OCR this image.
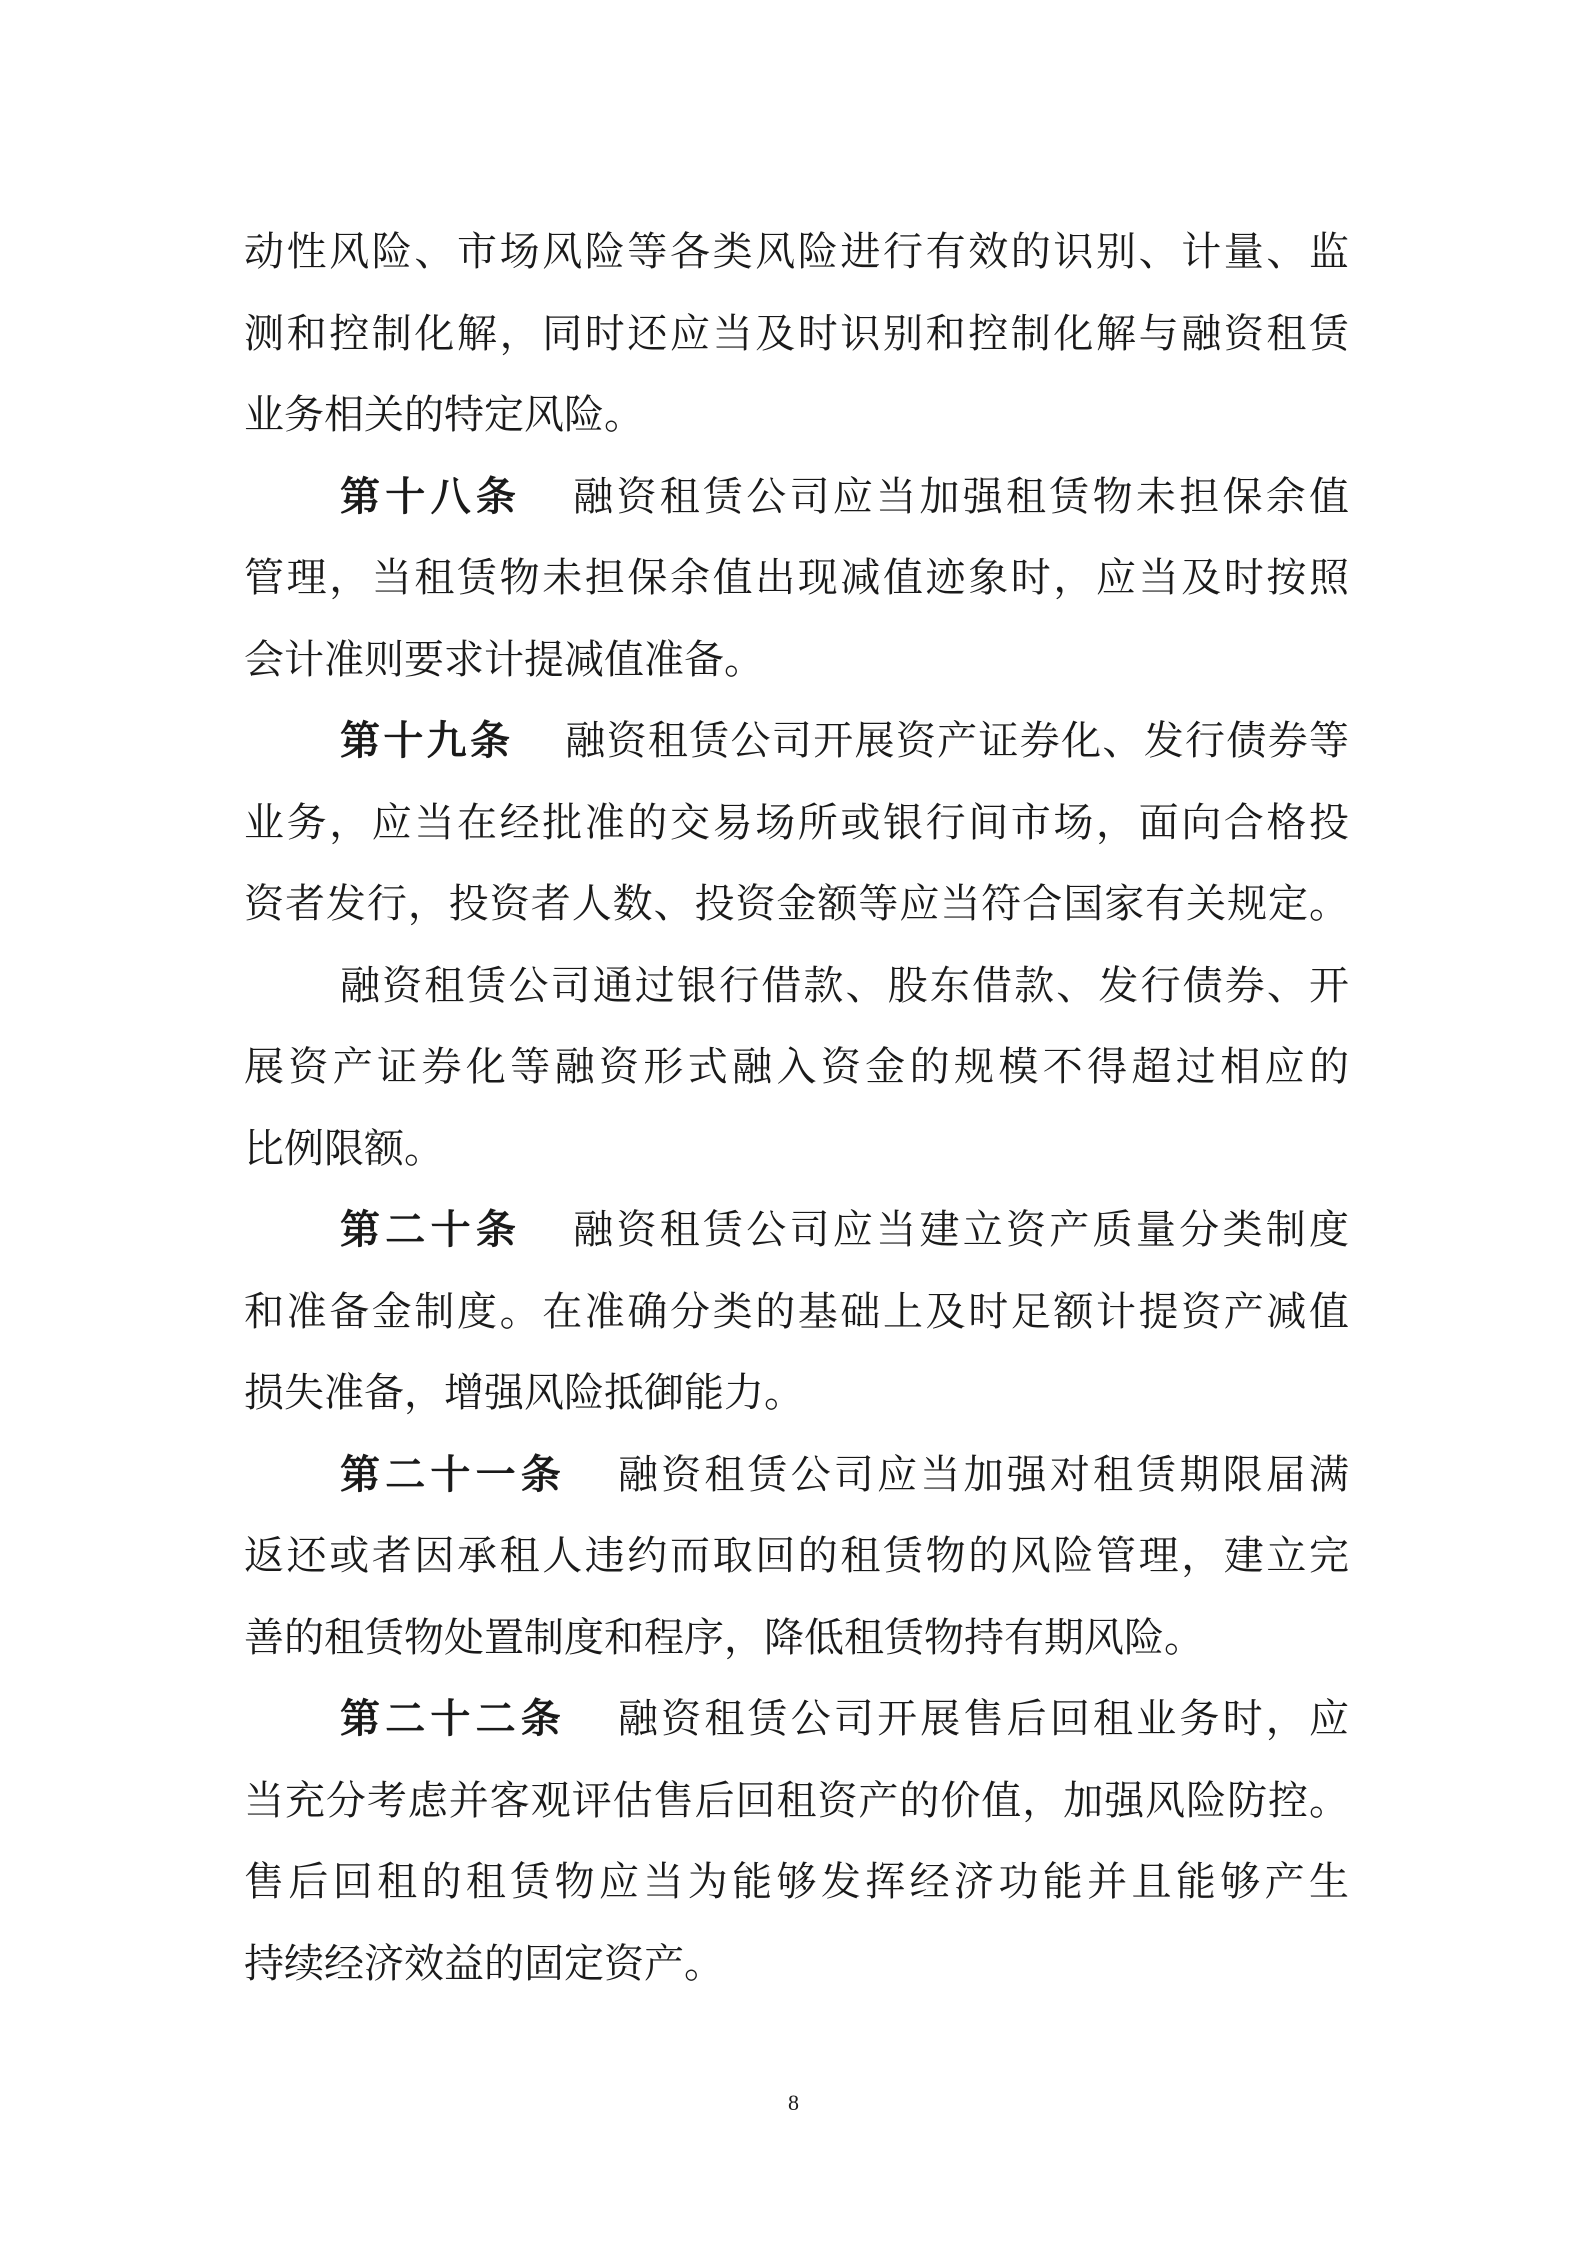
动性风险、市场风险等各类风险进行有效的识别、计量、监
测和控制化解，同时还应当及时识别和控制化解与融资租赁
业务相关的特定风险。
第十八条 融资租赁公司应当加强租赁物未担保余值
管理，当租赁物未担保余值出现减值迹象时，应当及时按照
会计准则要求计提减值准备。
第十九条 融资租赁公司开展资产证券化、发行债券等
业务，应当在经批准的交易场所或银行间市场，面向合格投
资者发行，投资者人数、投资金额等应当符合国家有关规定。
融资租赁公司通过银行借款、股东借款、发行债券、开
展资产证券化等融资形式融入资金的规模不得超过相应的
比例限额。
第二十条 融资租赁公司应当建立资产质量分类制度
和准备金制度。在准确分类的基础上及时足额计提资产减值
损失准备，增强风险抵御能力。
第二十一条 融资租赁公司应当加强对租赁期限届满
返还或者因承租人违约而取回的租赁物的风险管理，建立完
善的租赁物处置制度和程序，降低租赁物持有期风险。
第二十二条 融资租赁公司开展售后回租业务时，应
当充分考虑并客观评估售后回租资产的价值，加强风险防控。
售后回租的租赁物应当为能够发挥经济功能并且能够产生
持续经济效益的固定资产。
8
